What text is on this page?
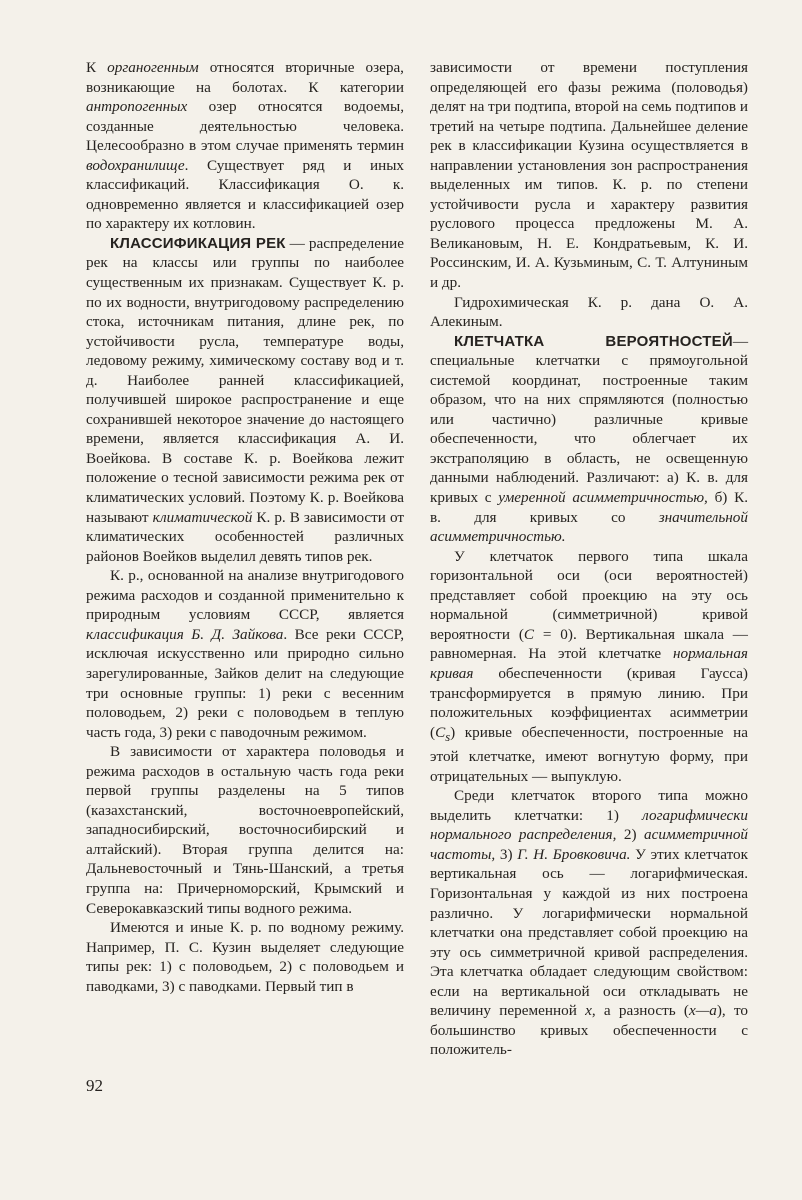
К органогенным относятся вторичные озера, возникающие на болотах. К категории антропогенных озер относятся водоемы, созданные деятельностью человека. Целесообразно в этом случае применять термин водохранилище. Существует ряд и иных классификаций. Классификация О. к. одновременно является и классификацией озер по характеру их котловин.

КЛАССИФИКАЦИЯ РЕК — распределение рек на классы или группы по наиболее существенным их признакам. Существует К. р. по их водности, внутригодовому распределению стока, источникам питания, длине рек, по устойчивости русла, температуре воды, ледовому режиму, химическому составу вод и т. д. Наиболее ранней классификацией, получившей широкое распространение и еще сохранившей некоторое значение до настоящего времени, является классификация А. И. Воейкова. В составе К. р. Воейкова лежит положение о тесной зависимости режима рек от климатических условий. Поэтому К. р. Воейкова называют климатической К. р. В зависимости от климатических особенностей различных районов Воейков выделил девять типов рек.

К. р., основанной на анализе внутригодового режима расходов и созданной применительно к природным условиям СССР, является классификация Б. Д. Зайкова. Все реки СССР, исключая искусственно или природно сильно зарегулированные, Зайков делит на следующие три основные группы: 1) реки с весенним половодьем, 2) реки с половодьем в теплую часть года, 3) реки с паводочным режимом.

В зависимости от характера половодья и режима расходов в остальную часть года реки первой группы разделены на 5 типов (казахстанский, восточноевропейский, западносибирский, восточносибирский и алтайский). Вторая группа делится на: Дальневосточный и Тянь-Шанский, а третья группа на: Причерноморский, Крымский и Северокавказский типы водного режима.

Имеются и иные К. р. по водному режиму. Например, П. С. Кузин выделяет следующие типы рек: 1) с половодьем, 2) с половодьем и паводками, 3) с паводками. Первый тип в

зависимости от времени поступления определяющей его фазы режима (половодья) делят на три подтипа, второй на семь подтипов и третий на четыре подтипа. Дальнейшее деление рек в классификации Кузина осуществляется в направлении установления зон распространения выделенных им типов. К. р. по степени устойчивости русла и характеру развития руслового процесса предложены М. А. Великановым, Н. Е. Кондратьевым, К. И. Россинским, И. А. Кузьминым, С. Т. Алтуниным и др.

Гидрохимическая К. р. дана О. А. Алекиным.

КЛЕТЧАТКА ВЕРОЯТНОСТЕЙ— специальные клетчатки с прямоугольной системой координат, построенные таким образом, что на них спрямляются (полностью или частично) различные кривые обеспеченности, что облегчает их экстраполяцию в область, не освещенную данными наблюдений. Различают: а) К. в. для кривых с умеренной асимметричностью, б) К. в. для кривых со значительной асимметричностью.

У клетчаток первого типа шкала горизонтальной оси (оси вероятностей) представляет собой проекцию на эту ось нормальной (симметричной) кривой вероятности (C = 0). Вертикальная шкала — равномерная. На этой клетчатке нормальная кривая обеспеченности (кривая Гаусса) трансформируется в прямую линию. При положительных коэффициентах асимметрии $(C_s)$ кривые обеспеченности, построенные на этой клетчатке, имеют вогнутую форму, при отрицательных — выпуклую.

Среди клетчаток второго типа можно выделить клетчатки: 1) логарифмически нормального распределения, 2) асимметричной частоты, 3) Г. Н. Бровковича. У этих клетчаток вертикальная ось — логарифмическая. Горизонтальная у каждой из них построена различно. У логарифмически нормальной клетчатки она представляет собой проекцию на эту ось симметричной кривой распределения. Эта клетчатка обладает следующим свойством: если на вертикальной оси откладывать не величину переменной x, а разность (x—a), то большинство кривых обеспеченности с положитель-

92
